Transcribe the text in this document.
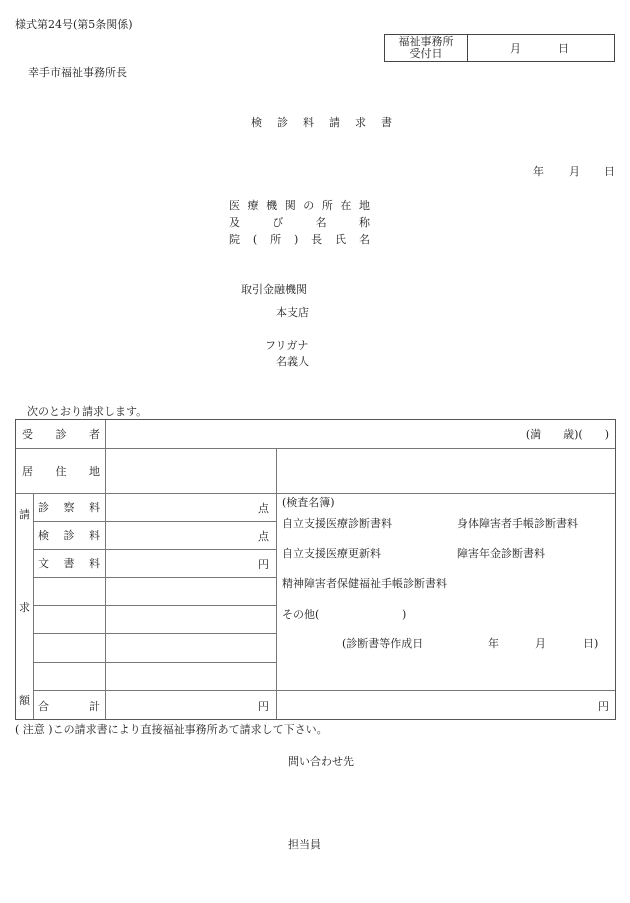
様式第24号(第5条関係)
福祉事務所
受付日	月	日
幸手市福祉事務所長
検 診 料 請 求 書
年 月 日
医 療 機 関 の 所 在 地
及	び	名	称
院 ( 所 ) 長 氏 名
取引金融機関
本支店
フリガナ
名義人
次のとおり請求します。
受 診 者	(満　　歳)(　　)
居 住 地
請
求
額
診 察 料	点
検 診 料	点
文 書 料	円
合	計	円	円
(検査名簿)
自立支援医療診断書料	身体障害者手帳診断書料
自立支援医療更新料	障害年金診断書料
精神障害者保健福祉手帳診断書料
その他(	)
(診断書等作成日	年	月	日)
( 注意 )この請求書により直接福祉事務所あて請求して下さい。
問い合わせ先
担当員
